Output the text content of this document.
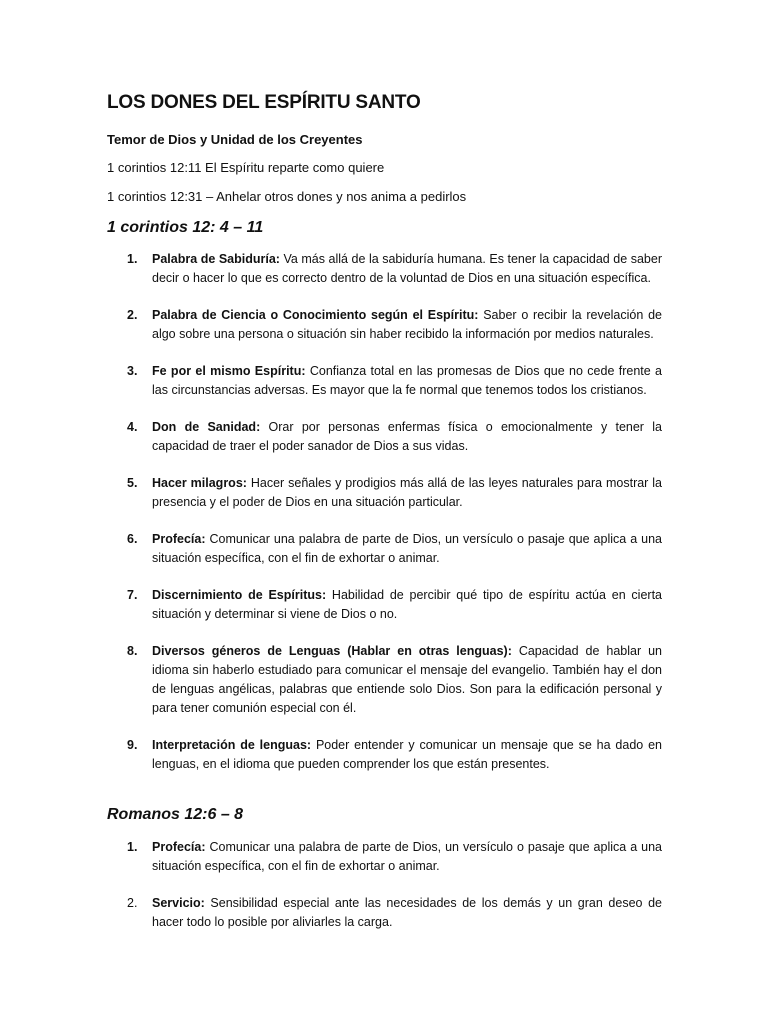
LOS DONES DEL ESPÍRITU SANTO
Temor de Dios y Unidad de los Creyentes
1 corintios 12:11 El Espíritu reparte como quiere
1 corintios 12:31 – Anhelar otros dones y nos anima a pedirlos
1 corintios 12: 4 – 11
1. Palabra de Sabiduría: Va más allá de la sabiduría humana. Es tener la capacidad de saber decir o hacer lo que es correcto dentro de la voluntad de Dios en una situación específica.
2. Palabra de Ciencia o Conocimiento según el Espíritu: Saber o recibir la revelación de algo sobre una persona o situación sin haber recibido la información por medios naturales.
3. Fe por el mismo Espíritu: Confianza total en las promesas de Dios que no cede frente a las circunstancias adversas. Es mayor que la fe normal que tenemos todos los cristianos.
4. Don de Sanidad: Orar por personas enfermas física o emocionalmente y tener la capacidad de traer el poder sanador de Dios a sus vidas.
5. Hacer milagros: Hacer señales y prodigios más allá de las leyes naturales para mostrar la presencia y el poder de Dios en una situación particular.
6. Profecía: Comunicar una palabra de parte de Dios, un versículo o pasaje que aplica a una situación específica, con el fin de exhortar o animar.
7. Discernimiento de Espíritus: Habilidad de percibir qué tipo de espíritu actúa en cierta situación y determinar si viene de Dios o no.
8. Diversos géneros de Lenguas (Hablar en otras lenguas): Capacidad de hablar un idioma sin haberlo estudiado para comunicar el mensaje del evangelio. También hay el don de lenguas angélicas, palabras que entiende solo Dios. Son para la edificación personal y para tener comunión especial con él.
9. Interpretación de lenguas: Poder entender y comunicar un mensaje que se ha dado en lenguas, en el idioma que pueden comprender los que están presentes.
Romanos 12:6 – 8
1. Profecía: Comunicar una palabra de parte de Dios, un versículo o pasaje que aplica a una situación específica, con el fin de exhortar o animar.
2. Servicio: Sensibilidad especial ante las necesidades de los demás y un gran deseo de hacer todo lo posible por aliviarles la carga.
